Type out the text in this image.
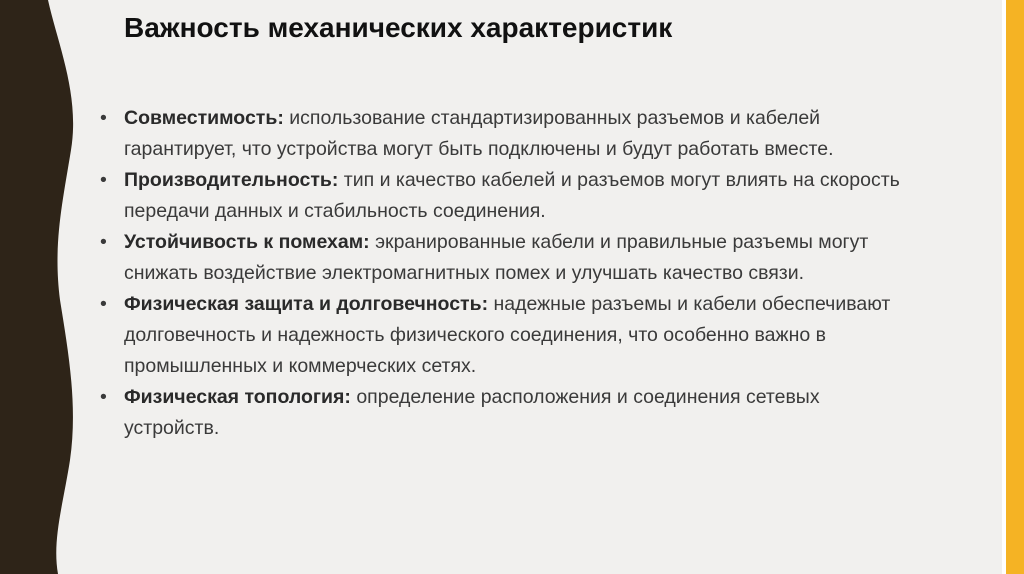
Важность механических характеристик
• Совместимость: использование стандартизированных разъемов и кабелей гарантирует, что устройства могут быть подключены и будут работать вместе.
• Производительность: тип и качество кабелей и разъемов могут влиять на скорость передачи данных и стабильность соединения.
• Устойчивость к помехам: экранированные кабели и правильные разъемы могут снижать воздействие электромагнитных помех и улучшать качество связи.
• Физическая защита и долговечность: надежные разъемы и кабели обеспечивают долговечность и надежность физического соединения, что особенно важно в промышленных и коммерческих сетях.
• Физическая топология: определение расположения и соединения сетевых устройств.
